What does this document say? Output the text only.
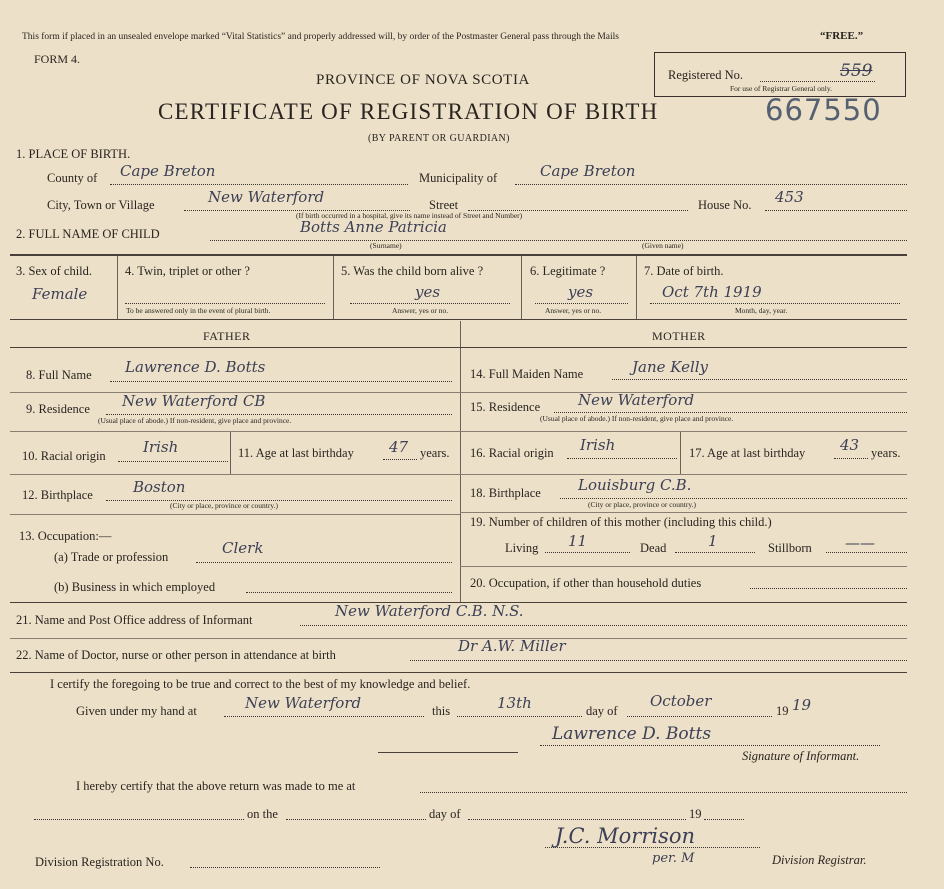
This form if placed in an unsealed envelope marked “Vital Statistics” and properly addressed will, by order of the Postmaster General pass through the Mails	“FREE.”
FORM 4.
PROVINCE OF NOVA SCOTIA
CERTIFICATE OF REGISTRATION OF BIRTH
(BY PARENT OR GUARDIAN)
Registered No.	559
For use of Registrar General only.
667550
1. PLACE OF BIRTH.
County of Cape Breton	Municipality of	Cape Breton
City, Town or Village	New Waterford	Street
(If birth occurred in a hospital, give its name instead of Street and Number)
House No. 453
2. FULL NAME OF CHILD	Botts Anne Patricia
(Surname)	(Given name)
3. Sex of child.
Female
4. Twin, triplet or other ?
To be answered only in the event of plural birth.
5. Was the child born alive ?
yes
Answer, yes or no.
6. Legitimate ?
yes
Answer, yes or no.
7. Date of birth.
Oct 7th 1919
Month, day, year.
FATHER	MOTHER
8. Full Name Lawrence D. Botts
9. Residence New Waterford CB
(Usual place of abode.) If non-resident, give place and province.
10. Racial origin Irish	11. Age at last birthday 47 years.
12. Birthplace	Boston
(City or place, province or country.)
13. Occupation:—
(a) Trade or profession	Clerk
(b) Business in which employed
14. Full Maiden Name	Jane Kelly
15. Residence	New Waterford
(Usual place of abode.) If non-resident, give place and province.
16. Racial origin Irish	17. Age at last birthday 43 years.
18. Birthplace Louisburg C.B.
(City or place, province or country.)
19. Number of children of this mother (including this child.)
Living 11	Dead	1	Stillborn ——
20. Occupation, if other than household duties
21. Name and Post Office address of Informant	New Waterford C.B. N.S.
22. Name of Doctor, nurse or other person in attendance at birth	Dr A.W. Miller
I certify the foregoing to be true and correct to the best of my knowledge and belief.
Given under my hand at	New Waterford	this	13th	day of
October
19 19
Lawrence D. Botts
Signature of Informant.
I hereby certify that the above return was made to me at
on the	day of	19
Division Registration No.
J.C. Morrison
per. M	Division Registrar.
